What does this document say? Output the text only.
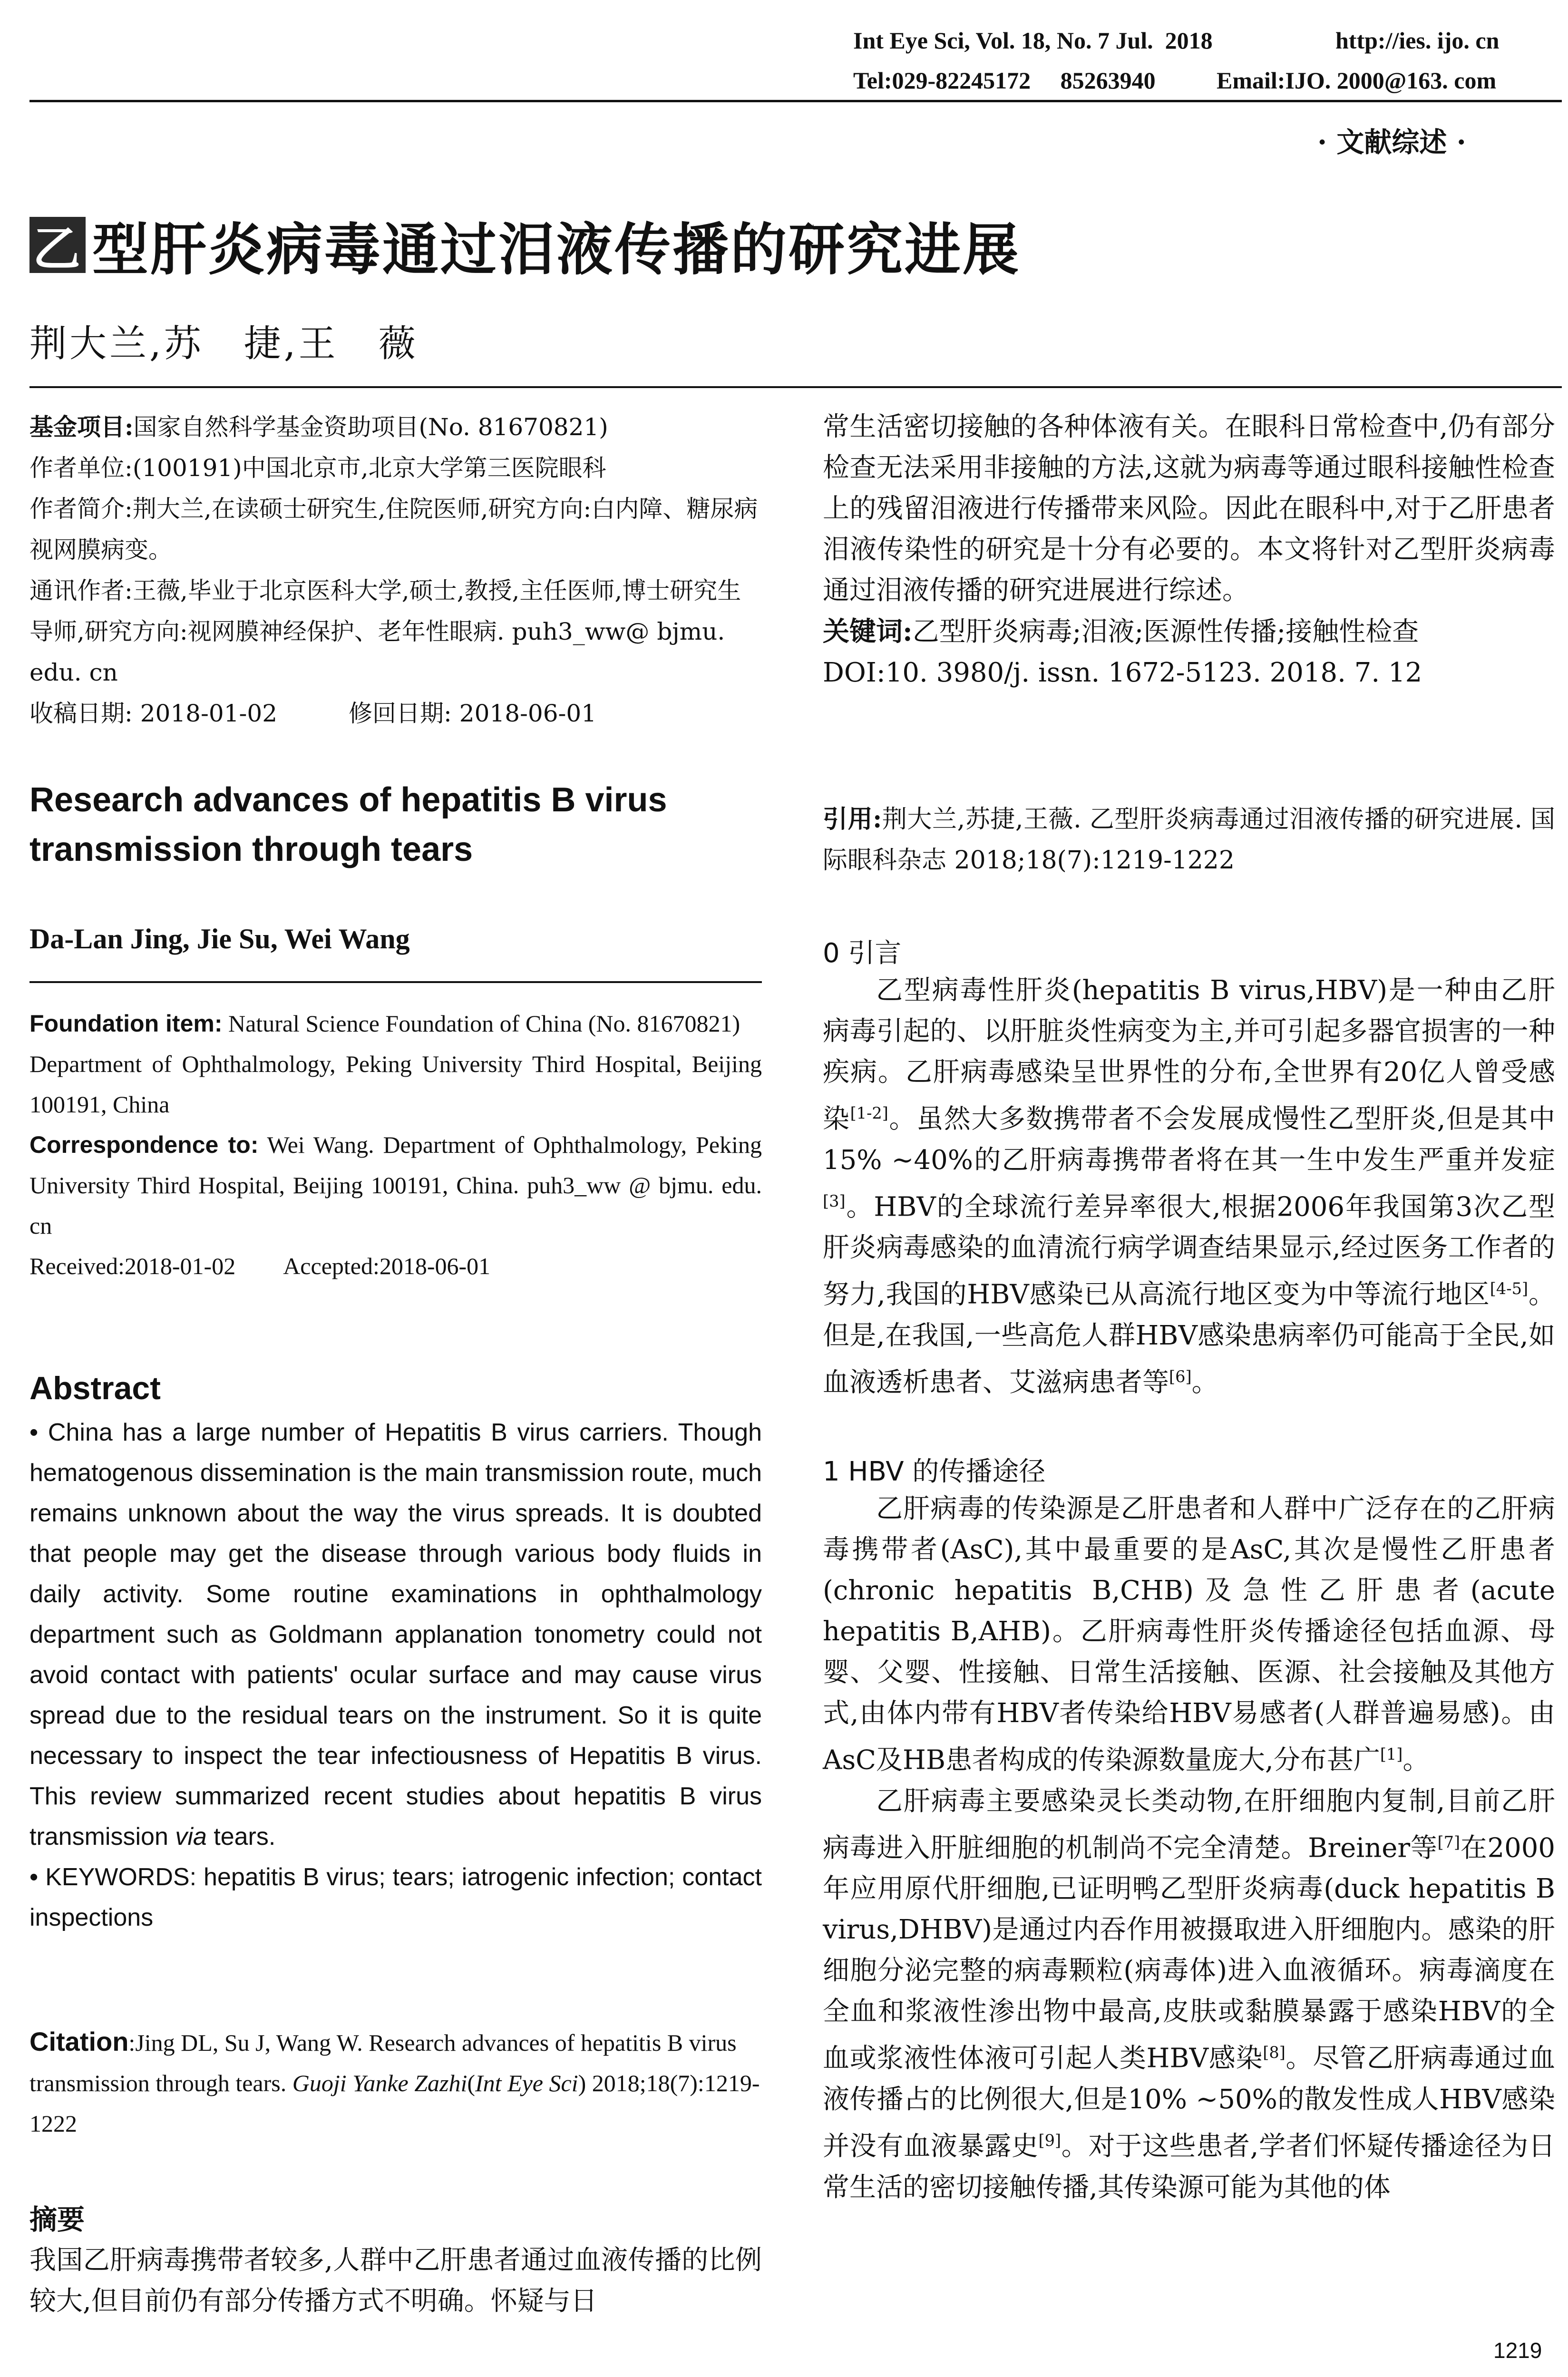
Int Eye Sci, Vol. 18, No. 7 Jul.  2018	http://ies. ijo. cn
Tel:029-82245172     85263940	Email:IJO. 2000@163. com
· 文献综述 ·
乙 型肝炎病毒通过泪液传播的研究进展
荆大兰,苏　捷,王　薇
基金项目:国家自然科学基金资助项目(No. 81670821)
作者单位:(100191)中国北京市,北京大学第三医院眼科
作者简介:荆大兰,在读硕士研究生,住院医师,研究方向:白内障、糖尿病视网膜病变。
通讯作者:王薇,毕业于北京医科大学,硕士,教授,主任医师,博士研究生导师,研究方向:视网膜神经保护、老年性眼病. puh3_ww@ bjmu. edu. cn
收稿日期: 2018-01-02　　　修回日期: 2018-06-01
Research advances of hepatitis B virus transmission through tears
Da-Lan Jing, Jie Su, Wei Wang
Foundation item: Natural Science Foundation of China (No. 81670821)
Department of Ophthalmology, Peking University Third Hospital, Beijing 100191, China
Correspondence to: Wei Wang. Department of Ophthalmology, Peking University Third Hospital, Beijing 100191, China. puh3_ww @ bjmu. edu. cn
Received:2018-01-02　　Accepted:2018-06-01
Abstract
• China has a large number of Hepatitis B virus carriers. Though hematogenous dissemination is the main transmission route, much remains unknown about the way the virus spreads. It is doubted that people may get the disease through various body fluids in daily activity. Some routine examinations in ophthalmology department such as Goldmann applanation tonometry could not avoid contact with patients' ocular surface and may cause virus spread due to the residual tears on the instrument. So it is quite necessary to inspect the tear infectiousness of Hepatitis B virus. This review summarized recent studies about hepatitis B virus transmission via tears.
• KEYWORDS: hepatitis B virus; tears; iatrogenic infection; contact inspections
Citation:Jing DL, Su J, Wang W. Research advances of hepatitis B virus transmission through tears. Guoji Yanke Zazhi(Int Eye Sci) 2018;18(7):1219-1222
摘要

我国乙肝病毒携带者较多,人群中乙肝患者通过血液传播的比例较大,但目前仍有部分传播方式不明确。怀疑与日

常生活密切接触的各种体液有关。在眼科日常检查中,仍有部分检查无法采用非接触的方法,这就为病毒等通过眼科接触性检查上的残留泪液进行传播带来风险。因此在眼科中,对于乙肝患者泪液传染性的研究是十分有必要的。本文将针对乙型肝炎病毒通过泪液传播的研究进展进行综述。

关键词:乙型肝炎病毒;泪液;医源性传播;接触性检查

DOI:10. 3980/j. issn. 1672-5123. 2018. 7. 12

引用:荆大兰,苏捷,王薇. 乙型肝炎病毒通过泪液传播的研究进展. 国际眼科杂志 2018;18(7):1219-1222

0 引言

乙型病毒性肝炎(hepatitis B virus,HBV)是一种由乙肝病毒引起的、以肝脏炎性病变为主,并可引起多器官损害的一种疾病。乙肝病毒感染呈世界性的分布,全世界有20亿人曾受感染[1-2]。虽然大多数携带者不会发展成慢性乙型肝炎,但是其中15% ~40%的乙肝病毒携带者将在其一生中发生严重并发症[3]。HBV的全球流行差异率很大,根据2006年我国第3次乙型肝炎病毒感染的血清流行病学调查结果显示,经过医务工作者的努力,我国的HBV感染已从高流行地区变为中等流行地区[4-5]。但是,在我国,一些高危人群HBV感染患病率仍可能高于全民,如血液透析患者、艾滋病患者等[6]。

1 HBV 的传播途径

乙肝病毒的传染源是乙肝患者和人群中广泛存在的乙肝病毒携带者(AsC),其中最重要的是AsC,其次是慢性乙肝患者(chronic hepatitis B,CHB)及急性乙肝患者(acute hepatitis B,AHB)。乙肝病毒性肝炎传播途径包括血源、母婴、父婴、性接触、日常生活接触、医源、社会接触及其他方式,由体内带有HBV者传染给HBV易感者(人群普遍易感)。由AsC及HB患者构成的传染源数量庞大,分布甚广[1]。

乙肝病毒主要感染灵长类动物,在肝细胞内复制,目前乙肝病毒进入肝脏细胞的机制尚不完全清楚。Breiner等[7]在2000年应用原代肝细胞,已证明鸭乙型肝炎病毒(duck hepatitis B virus,DHBV)是通过内吞作用被摄取进入肝细胞内。感染的肝细胞分泌完整的病毒颗粒(病毒体)进入血液循环。病毒滴度在全血和浆液性渗出物中最高,皮肤或黏膜暴露于感染HBV的全血或浆液性体液可引起人类HBV感染[8]。尽管乙肝病毒通过血液传播占的比例很大,但是10% ~50%的散发性成人HBV感染并没有血液暴露史[9]。对于这些患者,学者们怀疑传播途径为日常生活的密切接触传播,其传染源可能为其他的体

1219
